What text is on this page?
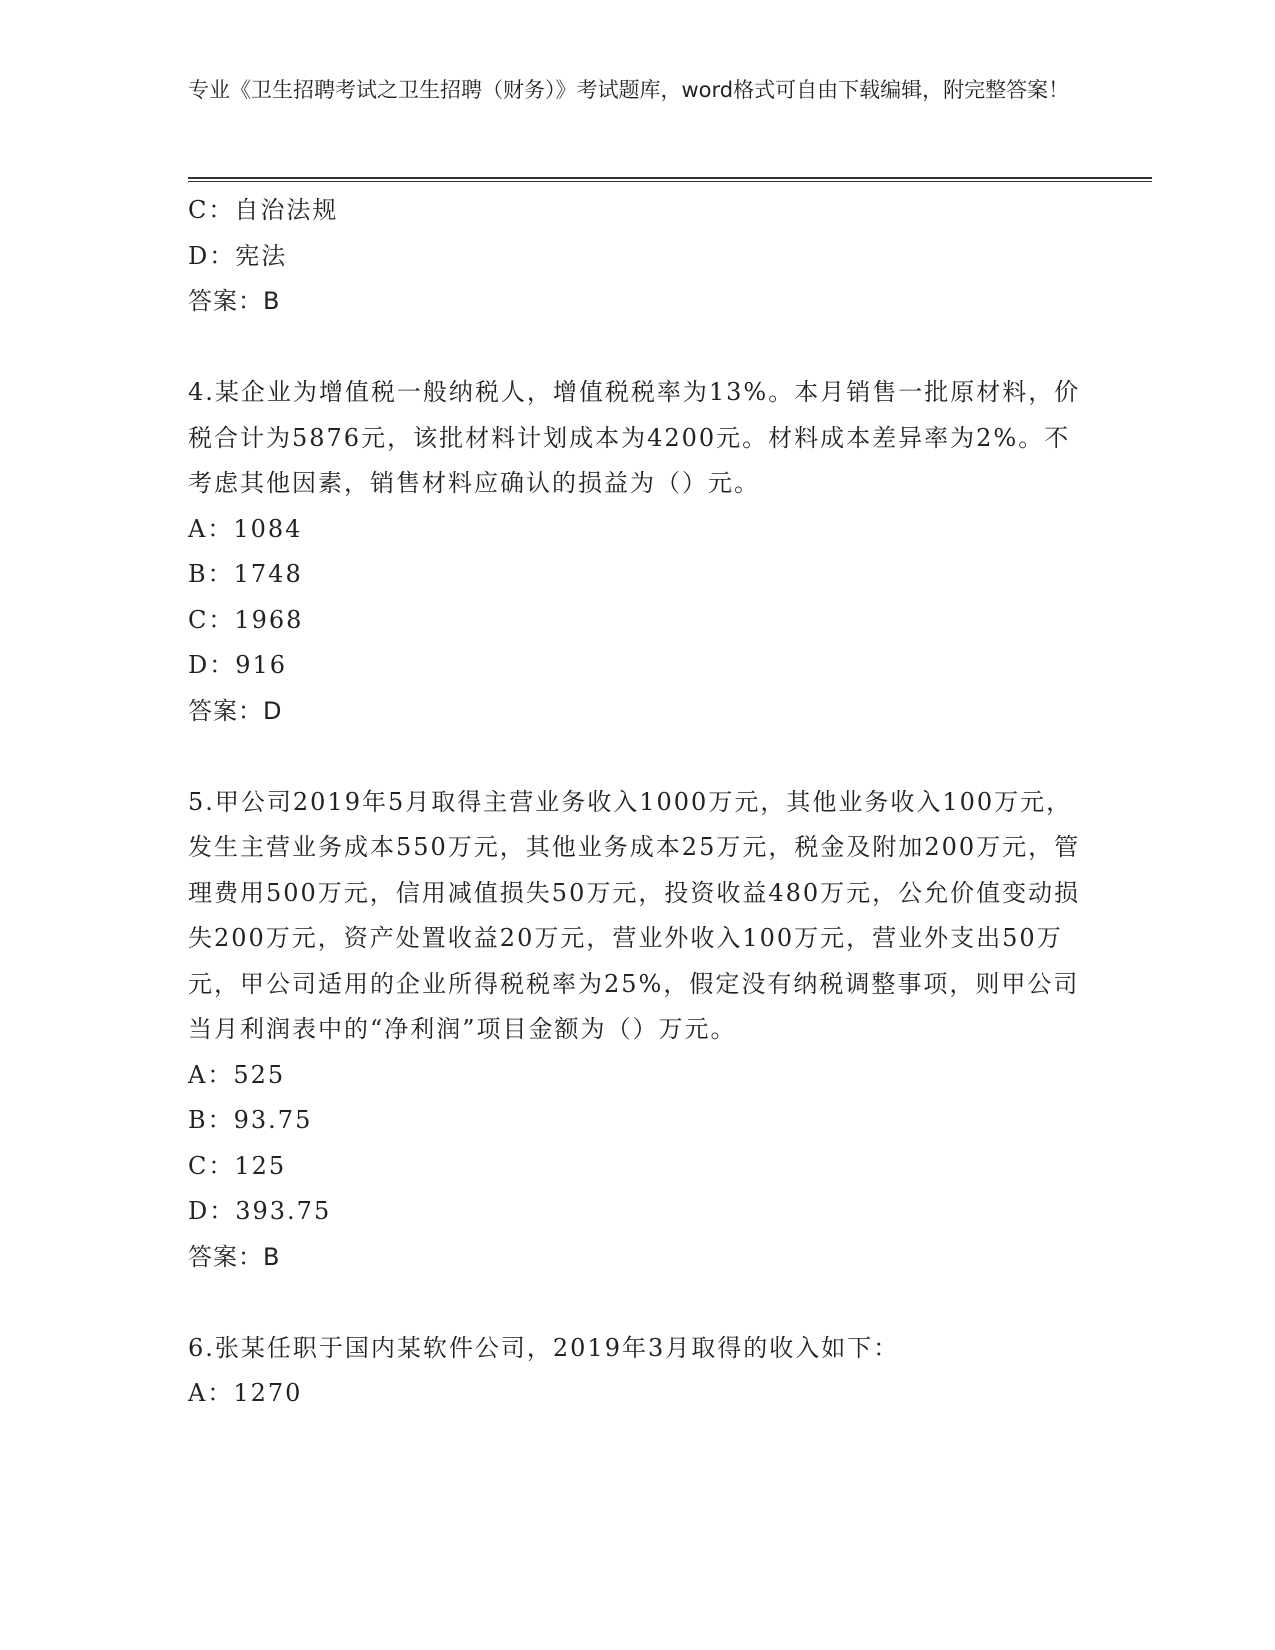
专业《卫生招聘考试之卫生招聘（财务）》考试题库，word格式可自由下载编辑，附完整答案！
C：自治法规
D：宪法
答案：B
4.某企业为增值税一般纳税人，增值税税率为13%。本月销售一批原材料，价税合计为5876元，该批材料计划成本为4200元。材料成本差异率为2%。不考虑其他因素，销售材料应确认的损益为（）元。
A：1084
B：1748
C：1968
D：916
答案：D
5.甲公司2019年5月取得主营业务收入1000万元，其他业务收入100万元，发生主营业务成本550万元，其他业务成本25万元，税金及附加200万元，管理费用500万元，信用减值损失50万元，投资收益480万元，公允价值变动损失200万元，资产处置收益20万元，营业外收入100万元，营业外支出50万元，甲公司适用的企业所得税税率为25%，假定没有纳税调整事项，则甲公司当月利润表中的“净利润”项目金额为（）万元。
A：525
B：93.75
C：125
D：393.75
答案：B
6.张某任职于国内某软件公司，2019年3月取得的收入如下：
A：1270
